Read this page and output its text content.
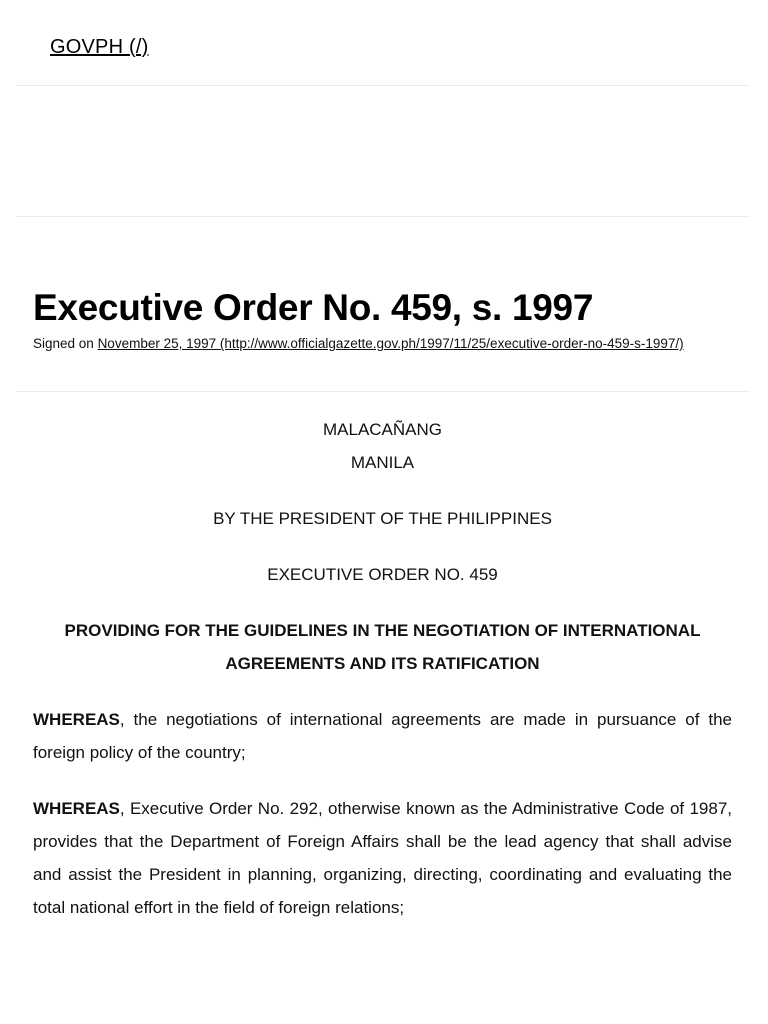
GOVPH (/)
Executive Order No. 459, s. 1997
Signed on November 25, 1997 (http://www.officialgazette.gov.ph/1997/11/25/executive-order-no-459-s-1997/)

MALACAÑANG

MANILA

BY THE PRESIDENT OF THE PHILIPPINES

EXECUTIVE ORDER NO. 459

PROVIDING FOR THE GUIDELINES IN THE NEGOTIATION OF INTERNATIONAL AGREEMENTS AND ITS RATIFICATION

WHEREAS, the negotiations of international agreements are made in pursuance of the foreign policy of the country;

WHEREAS, Executive Order No. 292, otherwise known as the Administrative Code of 1987, provides that the Department of Foreign Affairs shall be the lead agency that shall advise and assist the President in planning, organizing, directing, coordinating and evaluating the total national effort in the field of foreign relations;
